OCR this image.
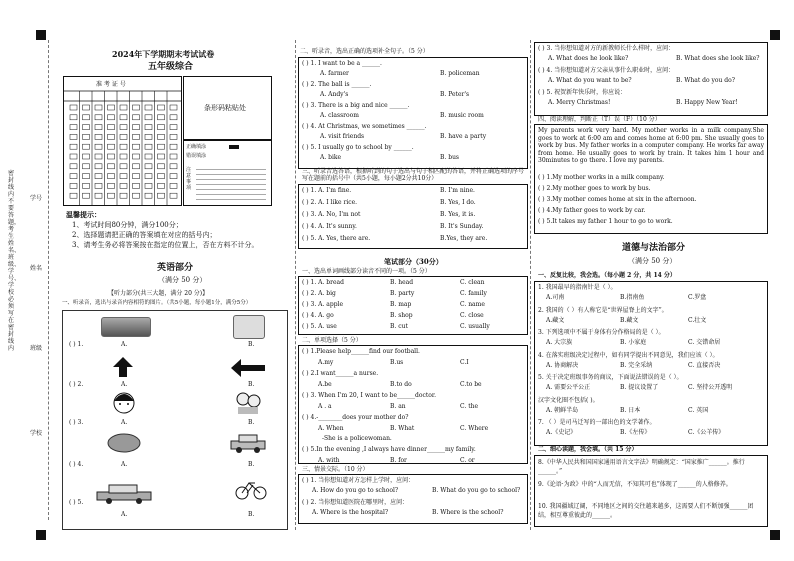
密封线内不要答题，考生姓名、班级、学号、学校必须写在密封线内
学号
姓名
班级
学校
2024年下学期期末考试试卷
五年级综合
准 考 证 号
条形码粘贴处
正确填涂
错误填涂
注意事项
温馨提示：
1、考试时间80分钟，满分100分；
2、选择题请把正确的答案填在对应的括号内；
3、请考生务必将答案按在指定的位置上，否在方料不计分。
英语部分
（满分 50 分）
【听力部分(共三大题，满分 20 分)】
一、听录音，选出与录音内容相符的图片。（共5小题，每小题1分，满分5分）
( ) 1.	A.	B.
( ) 2.	A.	B.
( ) 3.	A.	B.
( ) 4.	A.	B.
( ) 5.
A.	B.
二、听录音，选出正确的选项补全句子。（5 分）
( ) 1. I want to be a ______.
A. farmer	B. policeman
( ) 2. The ball is ______.
A. Andy's	B. Peter's
( ) 3. There is a big and nice ______.
A. classroom	B. music room
( ) 4. At Christmas, we sometimes ______.
A. visit friends	B. have a party
( ) 5. I usually go to school by ______.
A. bike	B. bus
三、听录音选答语，根据听到的句子选出与句子相匹配的答语，并将正确选项的序号写在题前的括号中（共5小题，每小题2分共10分）
( ) 1. A. I'm fine.	B. I'm nine.
( ) 2. A. I like rice.	B. Yes, I do.
( ) 3. A. No, I'm not	B. Yes, it is.
( ) 4. A. It's sunny.	B. It's Sunday.
( ) 5. A. Yes, there are.	B.Yes, they are.
笔试部分（30分）
一、选出单词画线部分读音不同的一项。（5 分）
( ) 1. A. bread	B. head	C. clean
( ) 2. A. big	B. party	C. family
( ) 3. A. apple	B. map	C. name
( ) 4. A. go	B. shop	C. close
( ) 5. A. use	B. cut	C. usually
二、单项选择（5 分）
( ) 1.Please help______find our football.
A.my	B.us	C.I
( ) 2.I want______a nurse.
A.be	B.to do	C.to be
( ) 3. When I'm 20, I want to be______doctor.
A . a	B. an	C. the
( ) 4.-________does your mother do?
A. When	B. What	C. Where
-She is a policewoman.
( ) 5.In the evening ,I always have dinner______my family.
A. with	B. for	C. or
三、情景交际。（10 分）
( ) 1. 当你想知道对方怎样上学时，应问：
A. How do you go to school?	B. What do you go to school?
( ) 2. 当你想知道医院在哪里时，应问：
A. Where is the hospital?	B. Where is the school?
( ) 3. 当你想知道对方的新教师长什么样时，应问：
A. What does he look like?	B. What does she look like?
( ) 4. 当你想知道对方父亲从事什么职业时，应问：
A. What do you want to be?	B. What do you do?
( ) 5. 祝贺新年快乐时，你应说：
A. Merry Christmas!	B. Happy New Year!
四、阅读理解，判断正（T）误（F）（10 分）
My parents work very hard. My mother works in a milk company.She goes to work at 6:00 am and comes home at 6:00 pm. She usually goes to work by bus. My father works in a computer company. He works far away from home. He usually goes to work by train. It takes him 1 hour and 30minutes to go there. I love my parents.
( ) 1.My mother works in a milk company.
( ) 2.My mother goes to work by bus.
( ) 3.My mother comes home at six in the afternoon.
( ) 4.My father goes to work by car.
( ) 5.It takes my father 1 hour to go to work.
道德与法治部分
（满分 50 分）
一、反复比较，我会选。（每小题 2 分，共 14 分）
1. 我国最早的指南针是（ ）。
A.司南	B.指南鱼	C.罗盘
2. 我国的（ ）有人称它是“世界屋脊上的文字”。
A.藏文	B.藏文	C.壮文
3. 下列选项中不属于身体有分作格局的是（ ）。
A. 大宗族	B. 小家庭	C. 交错命居
4. 在落实班级决定过程中，如有同学提出不同意见，我们应该（ ）。
A. 协商解决	B. 完全采纳	C. 直接否决
5. 关于决定班级事务的商议，下面说法错误的是（ ）。
A. 需要公平公正	B. 提议设置了	C. 坚持公开透明
汉字文化圈不包括( )。
A. 朝鲜半岛	B. 日本	C. 英国
7. （ ）是司马迁写的一部出色的文学著作。
A.《史记》	B.《左传》	C.《公羊传》
二、细心读题，我会填。（共 15 分）
8.《中华人民共和国国家通用语言文字法》明确规定：“国家推广______。推行______。”
9.《论语·为政》中的“人而无信，不知其可也”体现了______的人格修养。
10. 我国疆域辽阔，不同地区之间的交往越来越多，这需要人们不断加强______团结，相互尊重彼此的______。
